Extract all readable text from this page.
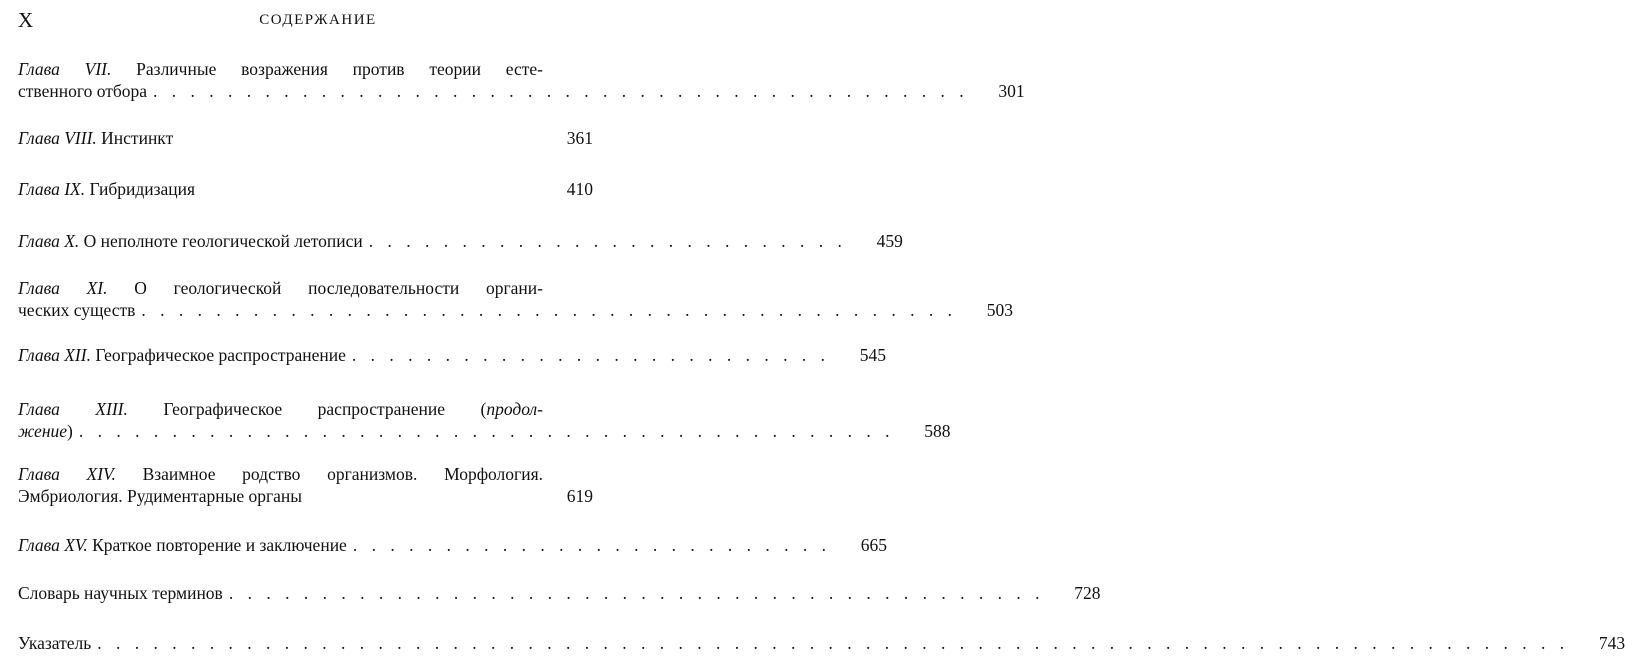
X	СОДЕРЖАНИЕ
Глава VII. Различные возражения против теории есте-
ственного отбора . . . . . . . . . . . . . . . . . . . . . . . . . . . . . . . . . . . . . . . . . . . .	301
Глава VIII. Инстинкт	361
Глава IX. Гибридизация	410
Глава X. О неполноте геологической летописи . . . . . . . . . . . . . . . . . . . . . . . . . .	459
Глава XI. О геологической последовательности органи-
ческих существ . . . . . . . . . . . . . . . . . . . . . . . . . . . . . . . . . . . . . . . . . . . .	503
Глава XII. Географическое распространение . . . . . . . . . . . . . . . . . . . . . . . . . .	545
Глава XIII. Географическое распространение (продол-
жение) . . . . . . . . . . . . . . . . . . . . . . . . . . . . . . . . . . . . . . . . . . . .	588
Глава XIV. Взаимное родство организмов. Морфология.
Эмбриология. Рудиментарные органы	619
Глава XV. Краткое повторение и заключение . . . . . . . . . . . . . . . . . . . . . . . . . .	665
Словарь научных терминов . . . . . . . . . . . . . . . . . . . . . . . . . . . . . . . . . . . . . . . . . . . .	728
Указатель . . . . . . . . . . . . . . . . . . . . . . . . . . . . . . . . . . . . . . . . . . . . . . . . . . . . . . . . . . . . . . . . . . . . . . . . . . . . . . .	743
